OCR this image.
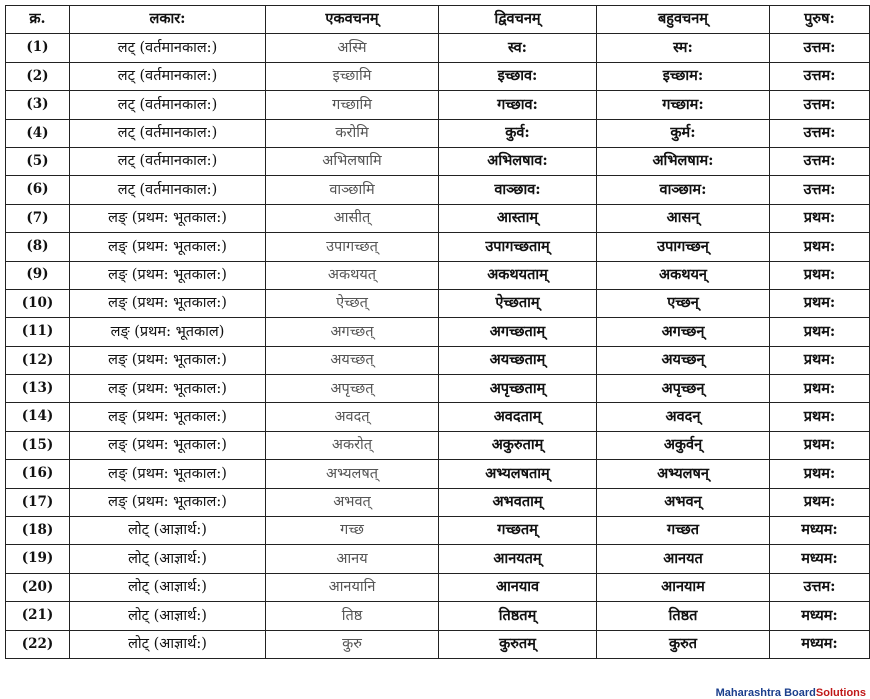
क्र.	लकार:	एकवचनम्	द्विवचनम्	बहुवचनम्	पुरुष:
(1)	लट् (वर्तमानकाल:)	अस्मि	स्व:	स्म:	उत्तम:
(2)	लट् (वर्तमानकाल:)	इच्छामि	इच्छाव:	इच्छाम:	उत्तम:
(3)	लट् (वर्तमानकाल:)	गच्छामि	गच्छाव:	गच्छाम:	उत्तम:
(4)	लट् (वर्तमानकाल:)	करोमि	कुर्व:	कुर्म:	उत्तम:
(5)	लट् (वर्तमानकाल:)	अभिलषामि	अभिलषाव:	अभिलषाम:	उत्तम:
(6)	लट् (वर्तमानकाल:)	वाञ्छामि	वाञ्छाव:	वाञ्छाम:	उत्तम:
(7)	लङ् (प्रथम: भूतकाल:)	आसीत्	आस्ताम्	आसन्	प्रथम:
(8)	लङ् (प्रथम: भूतकाल:)	उपागच्छत्	उपागच्छताम्	उपागच्छन्	प्रथम:
(9)	लङ् (प्रथम: भूतकाल:)	अकथयत्	अकथयताम्	अकथयन्	प्रथम:
(10)	लङ् (प्रथम: भूतकाल:)	ऐच्छत्	ऐच्छताम्	एच्छन्	प्रथम:
(11)	लङ् (प्रथम: भूतकाल)	अगच्छत्	अगच्छताम्	अगच्छन्	प्रथम:
(12)	लङ् (प्रथम: भूतकाल:)	अयच्छत्	अयच्छताम्	अयच्छन्	प्रथम:
(13)	लङ् (प्रथम: भूतकाल:)	अपृच्छत्	अपृच्छताम्	अपृच्छन्	प्रथम:
(14)	लङ् (प्रथम: भूतकाल:)	अवदत्	अवदताम्	अवदन्	प्रथम:
(15)	लङ् (प्रथम: भूतकाल:)	अकरोत्	अकुरुताम्	अकुर्वन्	प्रथम:
(16)	लङ् (प्रथम: भूतकाल:)	अभ्यलषत्	अभ्यलषताम्	अभ्यलषन्	प्रथम:
(17)	लङ् (प्रथम: भूतकाल:)	अभवत्	अभवताम्	अभवन्	प्रथम:
(18)	लोट् (आज्ञार्थ:)	गच्छ	गच्छतम्	गच्छत	मध्यम:
(19)	लोट् (आज्ञार्थ:)	आनय	आनयतम्	आनयत	मध्यम:
(20)	लोट् (आज्ञार्थ:)	आनयानि	आनयाव	आनयाम	उत्तम:
(21)	लोट् (आज्ञार्थ:)	तिष्ठ	तिष्ठतम्	तिष्ठत	मध्यम:
(22)	लोट् (आज्ञार्थ:)	कुरु	कुरुतम्	कुरुत	मध्यम:
Maharashtra BoardSolutions
